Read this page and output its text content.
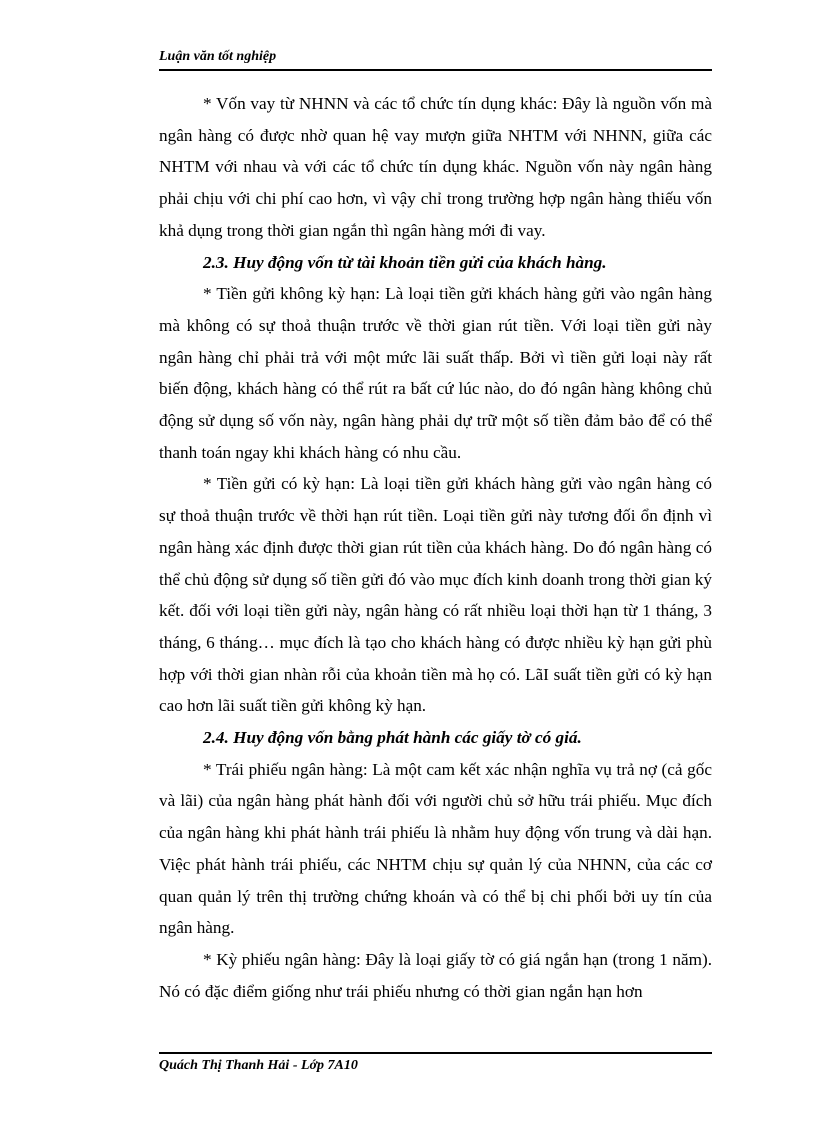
Luận văn tốt nghiệp

* Vốn vay từ NHNN và các tổ chức tín dụng khác: Đây là nguồn vốn mà ngân hàng có được nhờ quan hệ vay mượn giữa NHTM với NHNN, giữa các NHTM với nhau và với các tổ chức tín dụng khác. Nguồn vốn này ngân hàng phải chịu với chi phí cao hơn, vì vậy chỉ trong trường hợp ngân hàng thiếu vốn khả dụng trong thời gian ngắn thì ngân hàng mới đi vay.

2.3. Huy động vốn từ tài khoản tiền gửi của khách hàng.

* Tiền gửi không kỳ hạn: Là loại tiền gửi khách hàng gửi vào ngân hàng mà không có sự thoả thuận trước về thời gian rút tiền. Với loại tiền gửi này ngân hàng chỉ phải trả với một mức lãi suất thấp. Bởi vì tiền gửi loại này rất biến động, khách hàng có thể rút ra bất cứ lúc nào, do đó ngân hàng không chủ động sử dụng số vốn này, ngân hàng phải dự trữ một số tiền đảm bảo để có thể thanh toán ngay khi khách hàng có nhu cầu.

* Tiền gửi có kỳ hạn: Là loại tiền gửi khách hàng gửi vào ngân hàng có sự thoả thuận trước về thời hạn rút tiền. Loại tiền gửi này tương đối ổn định vì ngân hàng xác định được thời gian rút tiền của khách hàng. Do đó ngân hàng có thể chủ động sử dụng số tiền gửi đó vào mục đích kinh doanh trong thời gian ký kết. đối với loại tiền gửi này, ngân hàng có rất nhiều loại thời hạn từ 1 tháng, 3 tháng, 6 tháng… mục đích là tạo cho khách hàng có được nhiều kỳ hạn gửi phù hợp với thời gian nhàn rỗi của khoản tiền mà họ có. LãI suất tiền gửi có kỳ hạn cao hơn lãi suất tiền gửi không kỳ hạn.

2.4. Huy động vốn bằng phát hành các giấy tờ có giá.

* Trái phiếu ngân hàng: Là một cam kết xác nhận nghĩa vụ trả nợ (cả gốc và lãi) của ngân hàng phát hành đối với người chủ sở hữu trái phiếu. Mục đích của ngân hàng khi phát hành trái phiếu là nhằm huy động vốn trung và dài hạn. Việc phát hành trái phiếu, các NHTM chịu sự quản lý của NHNN, của các cơ quan quản lý trên thị trường chứng khoán và có thể bị chi phối bởi uy tín của ngân hàng.

* Kỳ phiếu ngân hàng: Đây là loại giấy tờ có giá ngắn hạn (trong 1 năm). Nó có đặc điểm giống như trái phiếu nhưng có thời gian ngắn hạn hơn

Quách Thị Thanh Hải - Lớp 7A10
